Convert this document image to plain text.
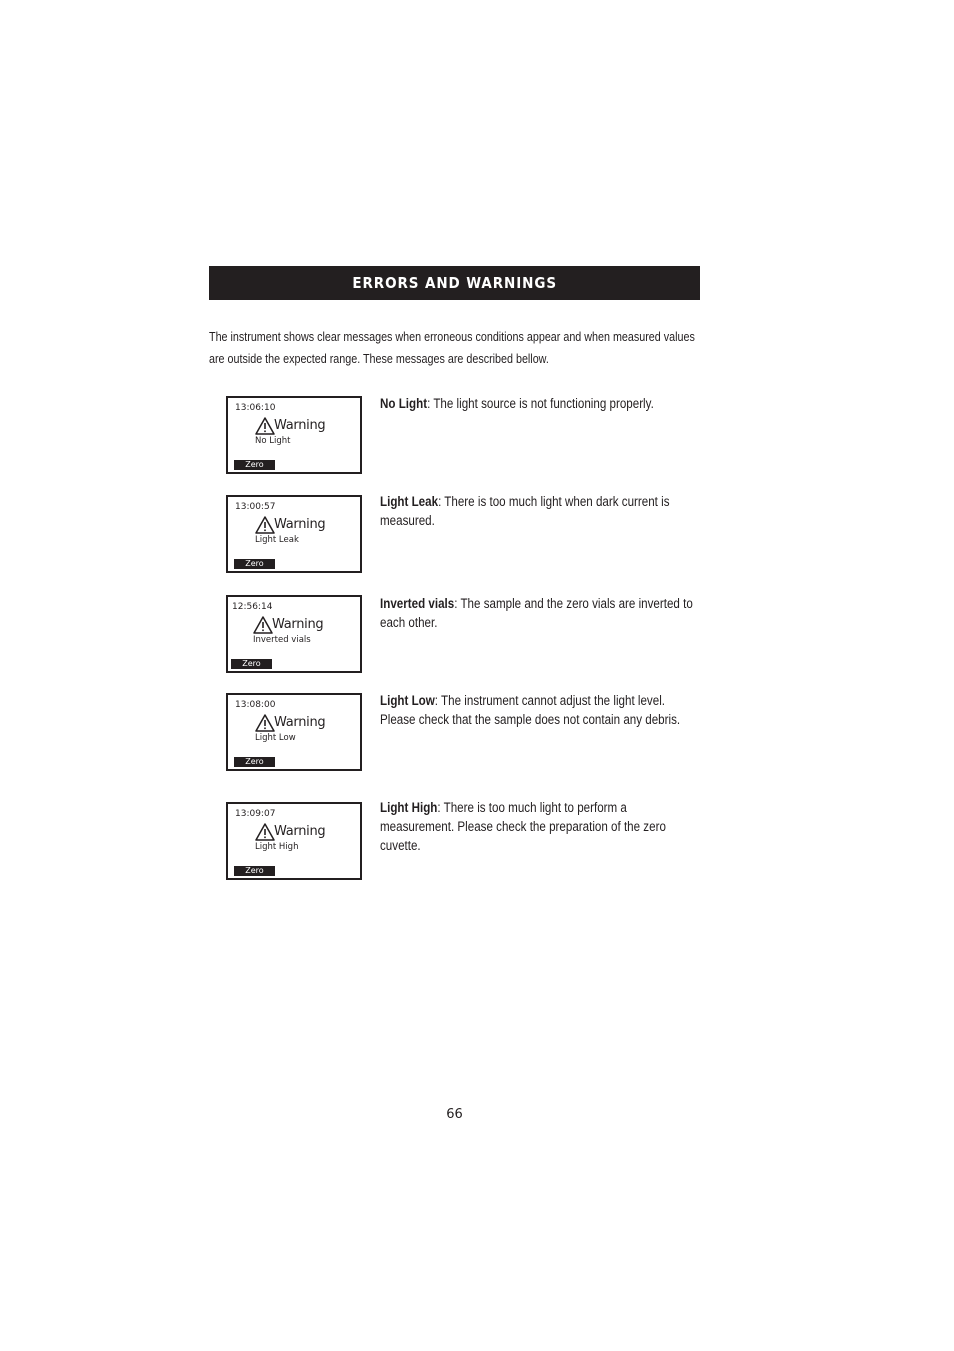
ERRORS AND WARNINGS
The instrument shows clear messages when erroneous conditions appear and when measured values are outside the expected range. These messages are described bellow.
13:06:10
Warning
No Light
Zero
No Light: The light source is not functioning properly.
13:00:57
Warning
Light Leak
Zero
Light Leak: There is too much light when dark current is measured.
12:56:14
Warning
Inverted vials
Zero
Inverted vials: The sample and the zero vials are inverted to each other.
13:08:00
Warning
Light Low
Zero
Light Low: The instrument cannot adjust the light level. Please check that the sample does not contain any debris.
13:09:07
Warning
Light High
Zero
Light High: There is too much light to perform a measurement. Please check the preparation of the zero cuvette.
66
